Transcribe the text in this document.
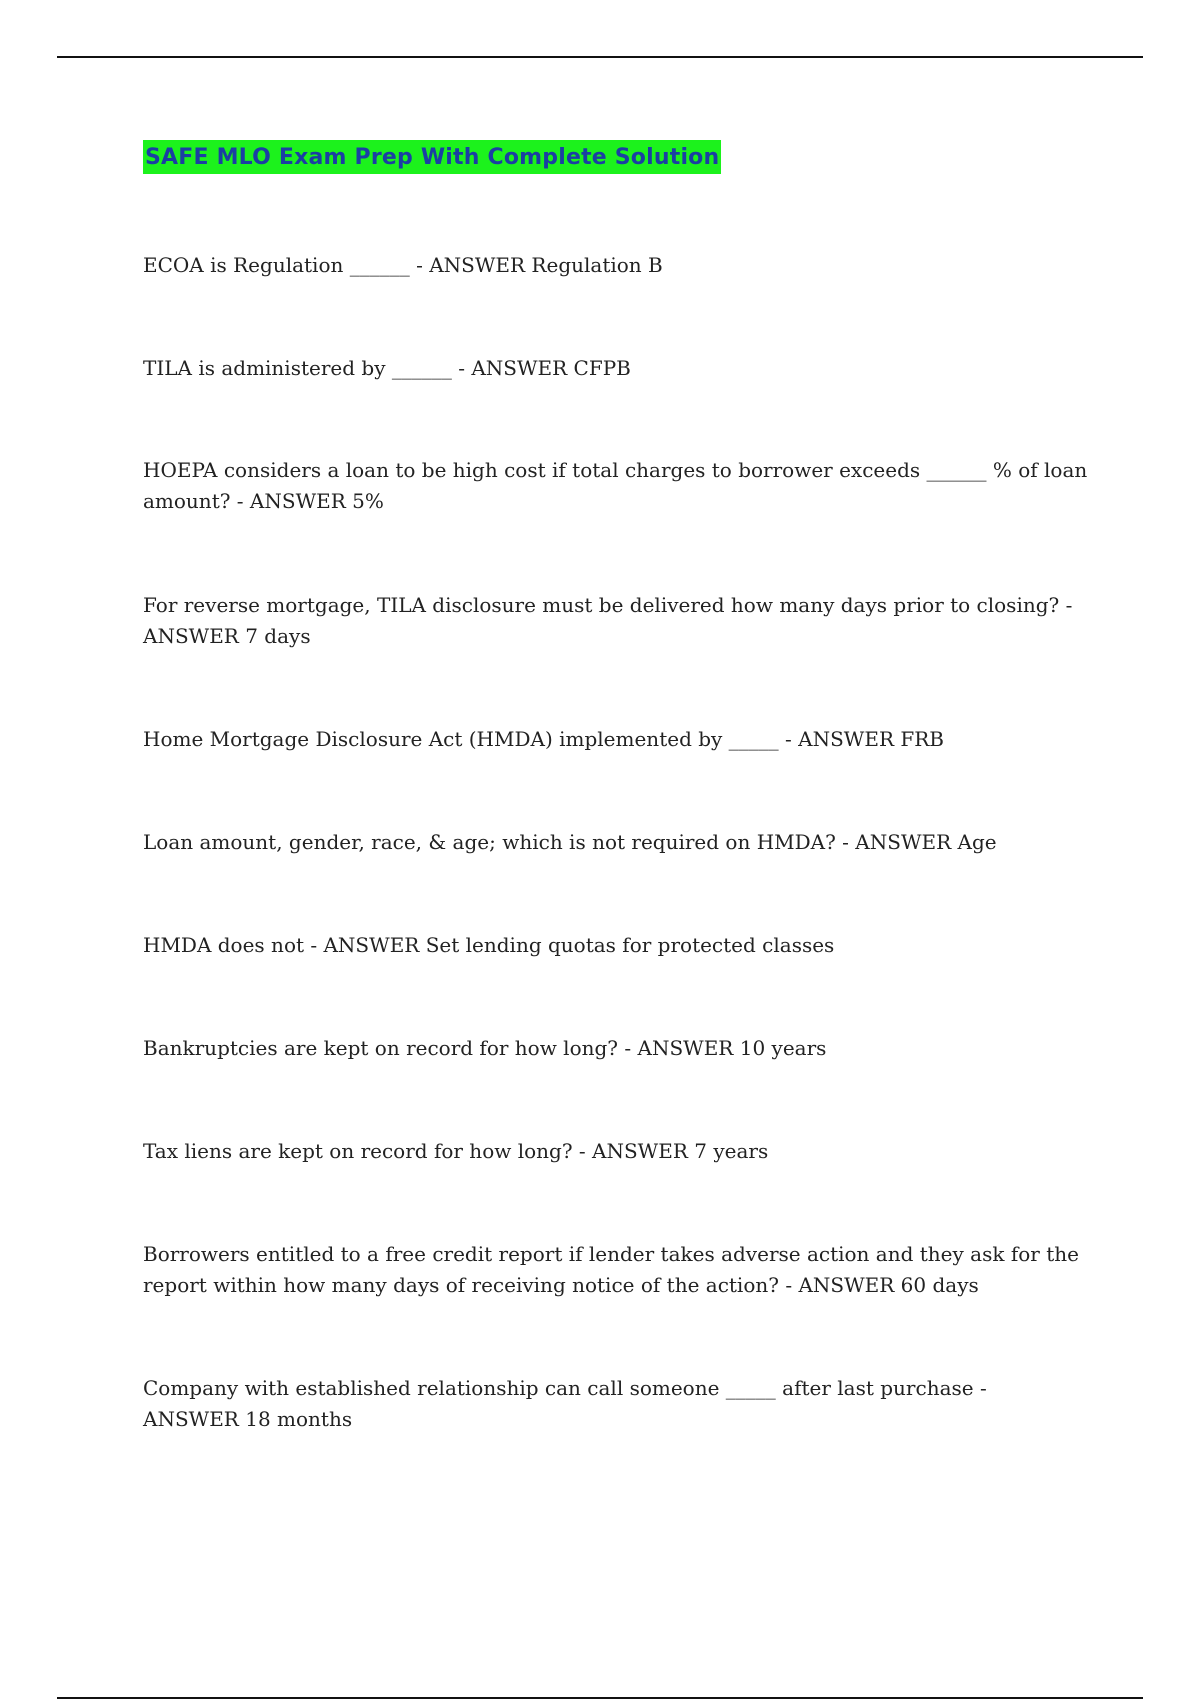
SAFE MLO Exam Prep With Complete Solution
ECOA is Regulation ______ - ANSWER Regulation B
TILA is administered by ______ - ANSWER CFPB
HOEPA considers a loan to be high cost if total charges to borrower exceeds ______ % of loan amount? - ANSWER 5%
For reverse mortgage, TILA disclosure must be delivered how many days prior to closing? - ANSWER 7 days
Home Mortgage Disclosure Act (HMDA) implemented by _____ - ANSWER FRB
Loan amount, gender, race, & age; which is not required on HMDA? - ANSWER Age
HMDA does not - ANSWER Set lending quotas for protected classes
Bankruptcies are kept on record for how long? - ANSWER 10 years
Tax liens are kept on record for how long? - ANSWER 7 years
Borrowers entitled to a free credit report if lender takes adverse action and they ask for the report within how many days of receiving notice of the action? - ANSWER 60 days
Company with established relationship can call someone _____ after last purchase - ANSWER 18 months
